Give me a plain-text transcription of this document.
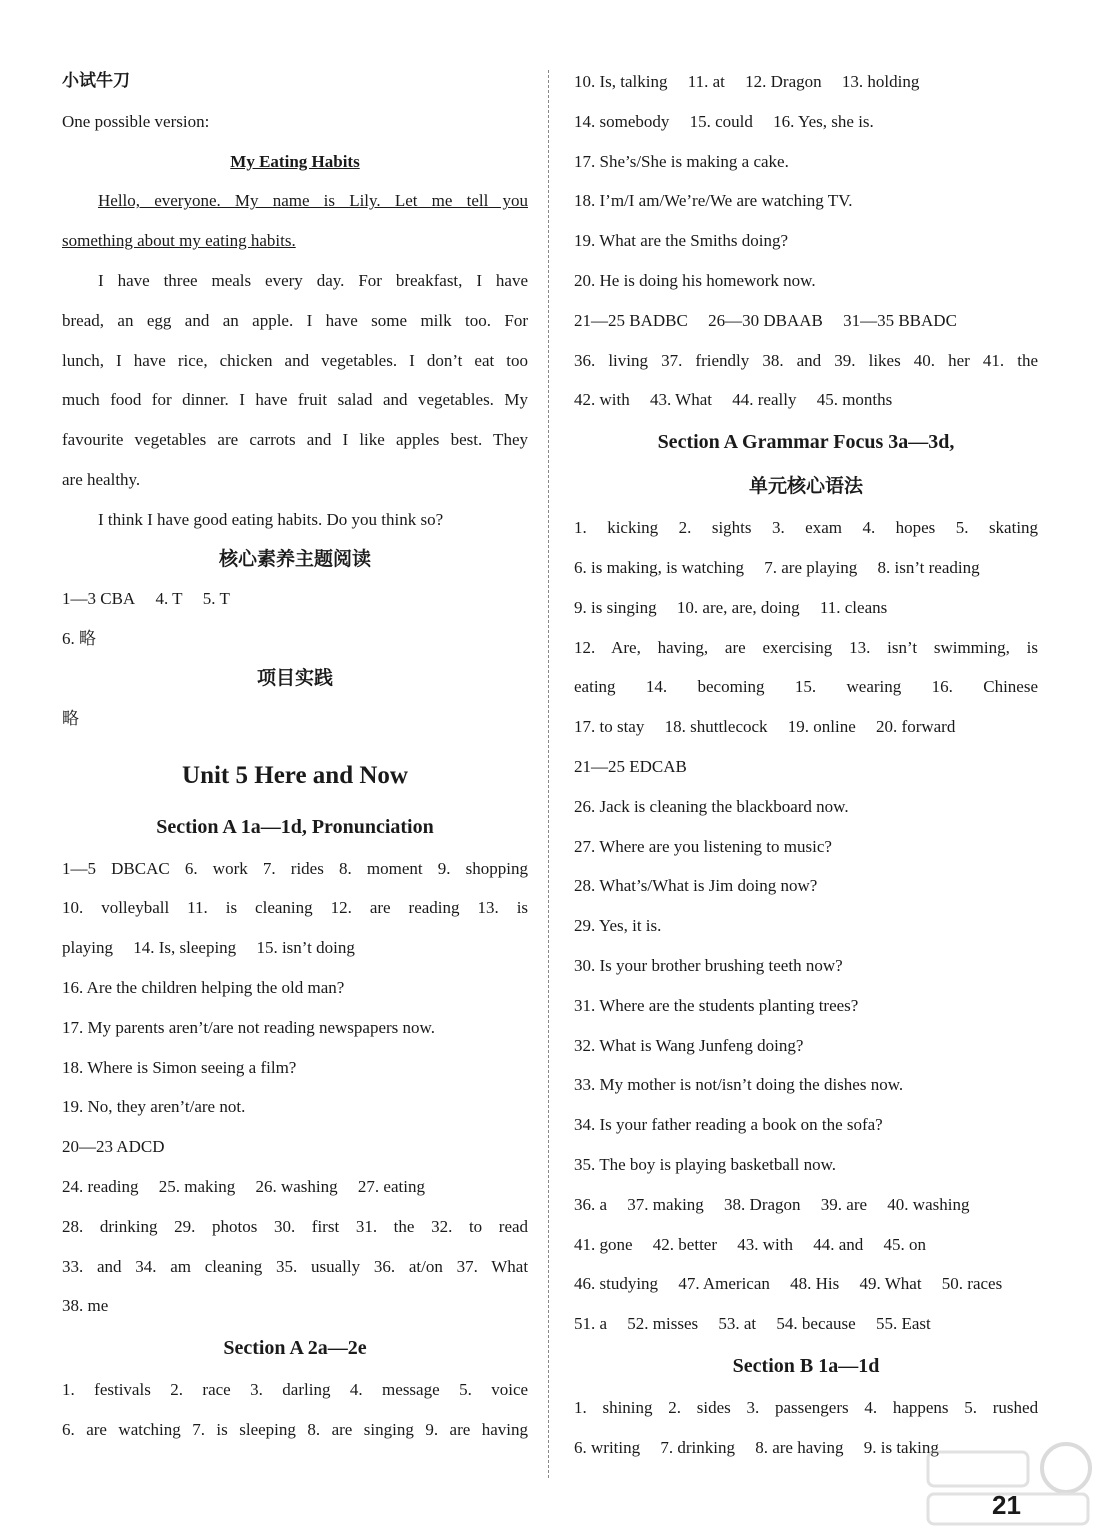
小试牛刀
One possible version:
My Eating Habits
Hello, everyone. My name is Lily. Let me tell you
something about my eating habits.
I have three meals every day. For breakfast, I have
bread, an egg and an apple. I have some milk too. For
lunch, I have rice, chicken and vegetables. I don’t eat too
much food for dinner. I have fruit salad and vegetables. My
favourite vegetables are carrots and I like apples best. They
are healthy.
I think I have good eating habits. Do you think so?
核心素养主题阅读
1—3 CBA 4. T 5. T
6. 略
项目实践
略
Unit 5 Here and Now
Section A 1a—1d, Pronunciation
1—5 DBCAC 6. work 7. rides 8. moment 9. shopping
10. volleyball 11. is cleaning 12. are reading 13. is
playing 14. Is, sleeping 15. isn’t doing
16. Are the children helping the old man?
17. My parents aren’t/are not reading newspapers now.
18. Where is Simon seeing a film?
19. No, they aren’t/are not.
20—23 ADCD
24. reading 25. making 26. washing 27. eating
28. drinking 29. photos 30. first 31. the 32. to read
33. and 34. am cleaning 35. usually 36. at/on 37. What
38. me
Section A 2a—2e
1. festivals 2. race 3. darling 4. message 5. voice
6. are watching 7. is sleeping 8. are singing 9. are having
10. Is, talking 11. at 12. Dragon 13. holding
14. somebody 15. could 16. Yes, she is.
17. She’s/She is making a cake.
18. I’m/I am/We’re/We are watching TV.
19. What are the Smiths doing?
20. He is doing his homework now.
21—25 BADBC 26—30 DBAAB 31—35 BBADC
36. living 37. friendly 38. and 39. likes 40. her 41. the
42. with 43. What 44. really 45. months
Section A Grammar Focus 3a—3d,
单元核心语法
1. kicking 2. sights 3. exam 4. hopes 5. skating
6. is making, is watching 7. are playing 8. isn’t reading
9. is singing 10. are, are, doing 11. cleans
12. Are, having, are exercising 13. isn’t swimming, is
eating 14. becoming 15. wearing 16. Chinese
17. to stay 18. shuttlecock 19. online 20. forward
21—25 EDCAB
26. Jack is cleaning the blackboard now.
27. Where are you listening to music?
28. What’s/What is Jim doing now?
29. Yes, it is.
30. Is your brother brushing teeth now?
31. Where are the students planting trees?
32. What is Wang Junfeng doing?
33. My mother is not/isn’t doing the dishes now.
34. Is your father reading a book on the sofa?
35. The boy is playing basketball now.
36. a 37. making 38. Dragon 39. are 40. washing
41. gone 42. better 43. with 44. and 45. on
46. studying 47. American 48. His 49. What 50. races
51. a 52. misses 53. at 54. because 55. East
Section B 1a—1d
1. shining 2. sides 3. passengers 4. happens 5. rushed
6. writing 7. drinking 8. are having 9. is taking
21
